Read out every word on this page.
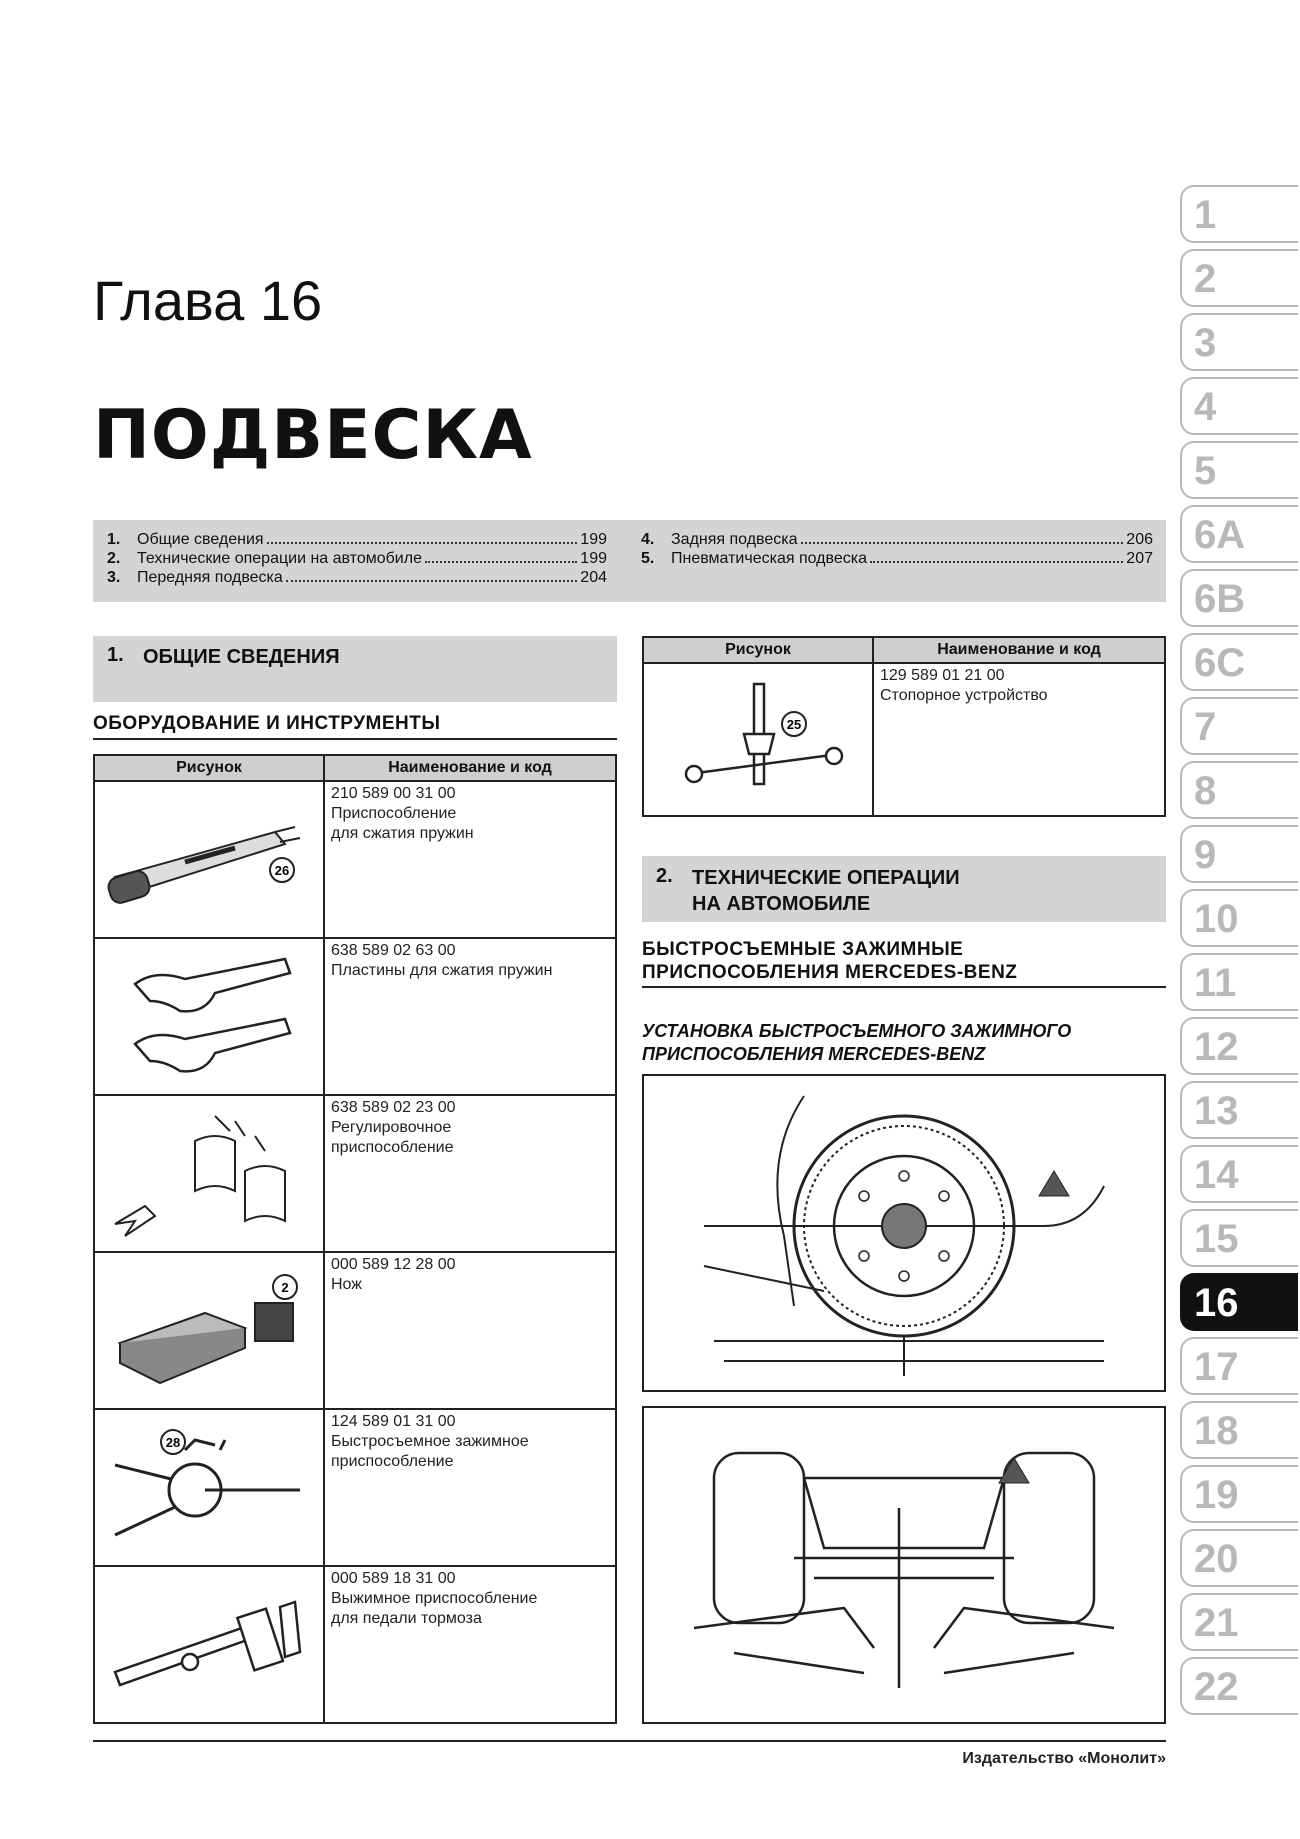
Глава 16
ПОДВЕСКА
1.	Общие сведения	199
2.	Технические операции на автомобиле	199
3.	Передняя подвеска	204
4.	Задняя подвеска	206
5.	Пневматическая подвеска	207
1. ОБЩИЕ СВЕДЕНИЯ
ОБОРУДОВАНИЕ И ИНСТРУМЕНТЫ
Рисунок	Наименование и код

26	210 589 00 31 00
Приспособление
для сжатия пружин

638 589 02 63 00
Пластины для сжатия пружин

638 589 02 23 00
Регулировочное
приспособление

2	000 589 12 28 00
Нож

28	124 589 01 31 00
Быстросъемное зажимное
приспособление

000 589 18 31 00
Выжимное приспособление
для педали тормоза
Рисунок	Наименование и код

25	129 589 01 21 00
Стопорное устройство
2. ТЕХНИЧЕСКИЕ ОПЕРАЦИИ
НА АВТОМОБИЛЕ
БЫСТРОСЪЕМНЫЕ ЗАЖИМНЫЕ
ПРИСПОСОБЛЕНИЯ MERCEDES-BENZ
УСТАНОВКА БЫСТРОСЪЕМНОГО ЗАЖИМНОГО
ПРИСПОСОБЛЕНИЯ MERCEDES-BENZ
1
2
3
4
5
6A
6B
6C
7
8
9
10
11
12
13
14
15
16
17
18
19
20
21
22
Издательство «Монолит»
